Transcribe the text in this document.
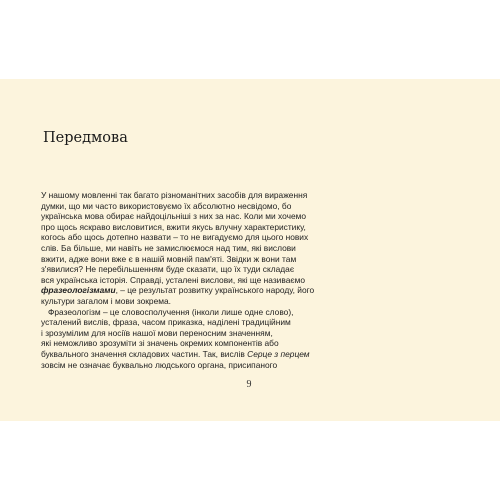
Передмова
У нашому мовленні так багато різноманітних засобів для вираження
думки, що ми часто використовуємо їх абсолютно несвідомо, бо
українська мова обирає найдоцільніші з них за нас. Коли ми хочемо
про щось яскраво висловитися, вжити якусь влучну характеристику,
когось або щось дотепно назвати – то не вигадуємо для цього нових
слів. Ба більше, ми навіть не замислюємося над тим, які вислови
вжити, адже вони вже є в нашій мовній пам'яті. Звідки ж вони там
з'явилися? Не перебільшенням буде сказати, що їх туди складає
вся українська історія. Справді, усталені вислови, які ще називаємо
фразеологізмами, – це результат розвитку українського народу, його
культури загалом і мови зокрема.
Фразеологізм – це словосполучення (інколи лише одне слово),
усталений вислів, фраза, часом приказка, наділені традиційним
і зрозумілим для носіїв нашої мови переносним значенням,
які неможливо зрозуміти зі значень окремих компонентів або
буквального значення складових частин. Так, вислів Серце з перцем
зовсім не означає буквально людського органа, присипаного
9
